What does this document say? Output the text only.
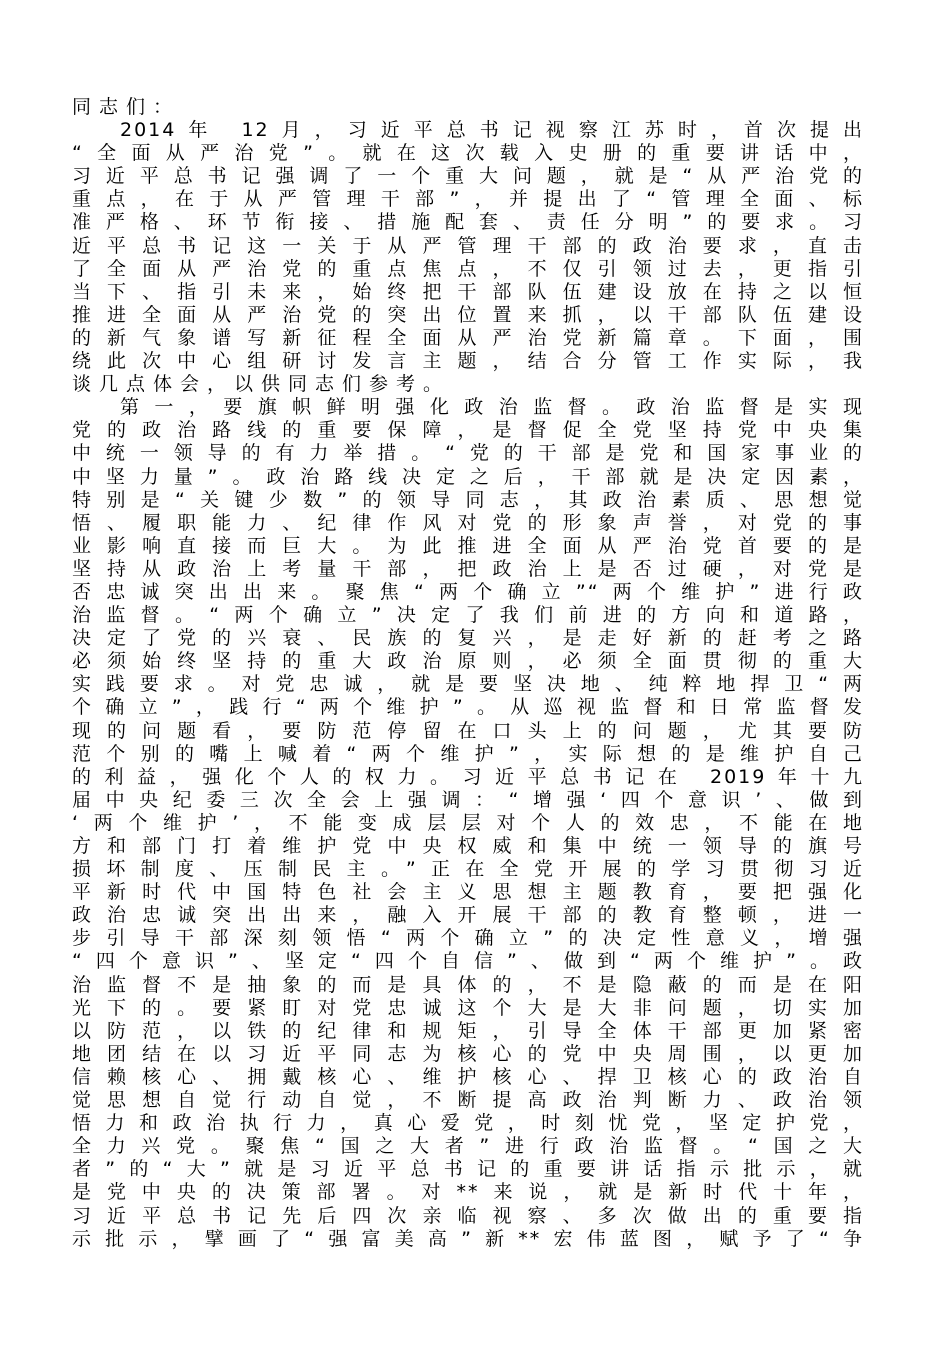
同志们：
2014年 12月，习近平总书记视察江苏时，首次提出
“全面从严治党”。就在这次载入史册的重要讲话中，
习近平总书记强调了一个重大问题，就是“从严治党的
重点，在于从严管理干部”，并提出了“管理全面、标
准严格、环节衔接、措施配套、责任分明”的要求。习
近平总书记这一关于从严管理干部的政治要求，直击
了全面从严治党的重点焦点，不仅引领过去，更指引
当下、指引未来，始终把干部队伍建设放在持之以恒
推进全面从严治党的突出位置来抓，以干部队伍建设
的新气象谱写新征程全面从严治党新篇章。下面，围
绕此次中心组研讨发言主题，结合分管工作实际，我
谈几点体会，以供同志们参考。
第一，要旗帜鲜明强化政治监督。政治监督是实现
党的政治路线的重要保障，是督促全党坚持党中央集
中统一领导的有力举措。“党的干部是党和国家事业的
中坚力量”。政治路线决定之后，干部就是决定因素，
特别是“关键少数”的领导同志，其政治素质、思想觉
悟、履职能力、纪律作风对党的形象声誉，对党的事
业影响直接而巨大。为此推进全面从严治党首要的是
坚持从政治上考量干部，把政治上是否过硬，对党是
否忠诚突出出来。聚焦“两个确立”“两个维护”进行政
治监督。“两个确立”决定了我们前进的方向和道路，
决定了党的兴衰、民族的复兴，是走好新的赶考之路
必须始终坚持的重大政治原则，必须全面贯彻的重大
实践要求。对党忠诚，就是要坚决地、纯粹地捍卫“两
个确立”，践行“两个维护”。从巡视监督和日常监督发
现的问题看，要防范停留在口头上的问题，尤其要防
范个别的嘴上喊着“两个维护”，实际想的是维护自己
的利益，强化个人的权力。习近平总书记在 2019年十九
届中央纪委三次全会上强调：“增强‘四个意识’、做到
‘两个维护’，不能变成层层对个人的效忠，不能在地
方和部门打着维护党中央权威和集中统一领导的旗号
损坏制度、压制民主。”正在全党开展的学习贯彻习近
平新时代中国特色社会主义思想主题教育，要把强化
政治忠诚突出出来，融入开展干部的教育整顿，进一
步引导干部深刻领悟“两个确立”的决定性意义，增强
“四个意识”、坚定“四个自信”、做到“两个维护”。政
治监督不是抽象的而是具体的，不是隐蔽的而是在阳
光下的。要紧盯对党忠诚这个大是大非问题，切实加
以防范，以铁的纪律和规矩，引导全体干部更加紧密
地团结在以习近平同志为核心的党中央周围，以更加
信赖核心、拥戴核心、维护核心、捍卫核心的政治自
觉思想自觉行动自觉，不断提高政治判断力、政治领
悟力和政治执行力，真心爱党，时刻忧党，坚定护党，
全力兴党。聚焦“国之大者”进行政治监督。“国之大
者”的“大”就是习近平总书记的重要讲话指示批示，就
是党中央的决策部署。对**来说，就是新时代十年，
习近平总书记先后四次亲临视察、多次做出的重要指
示批示，擘画了“强富美高”新**宏伟蓝图，赋予了“争
